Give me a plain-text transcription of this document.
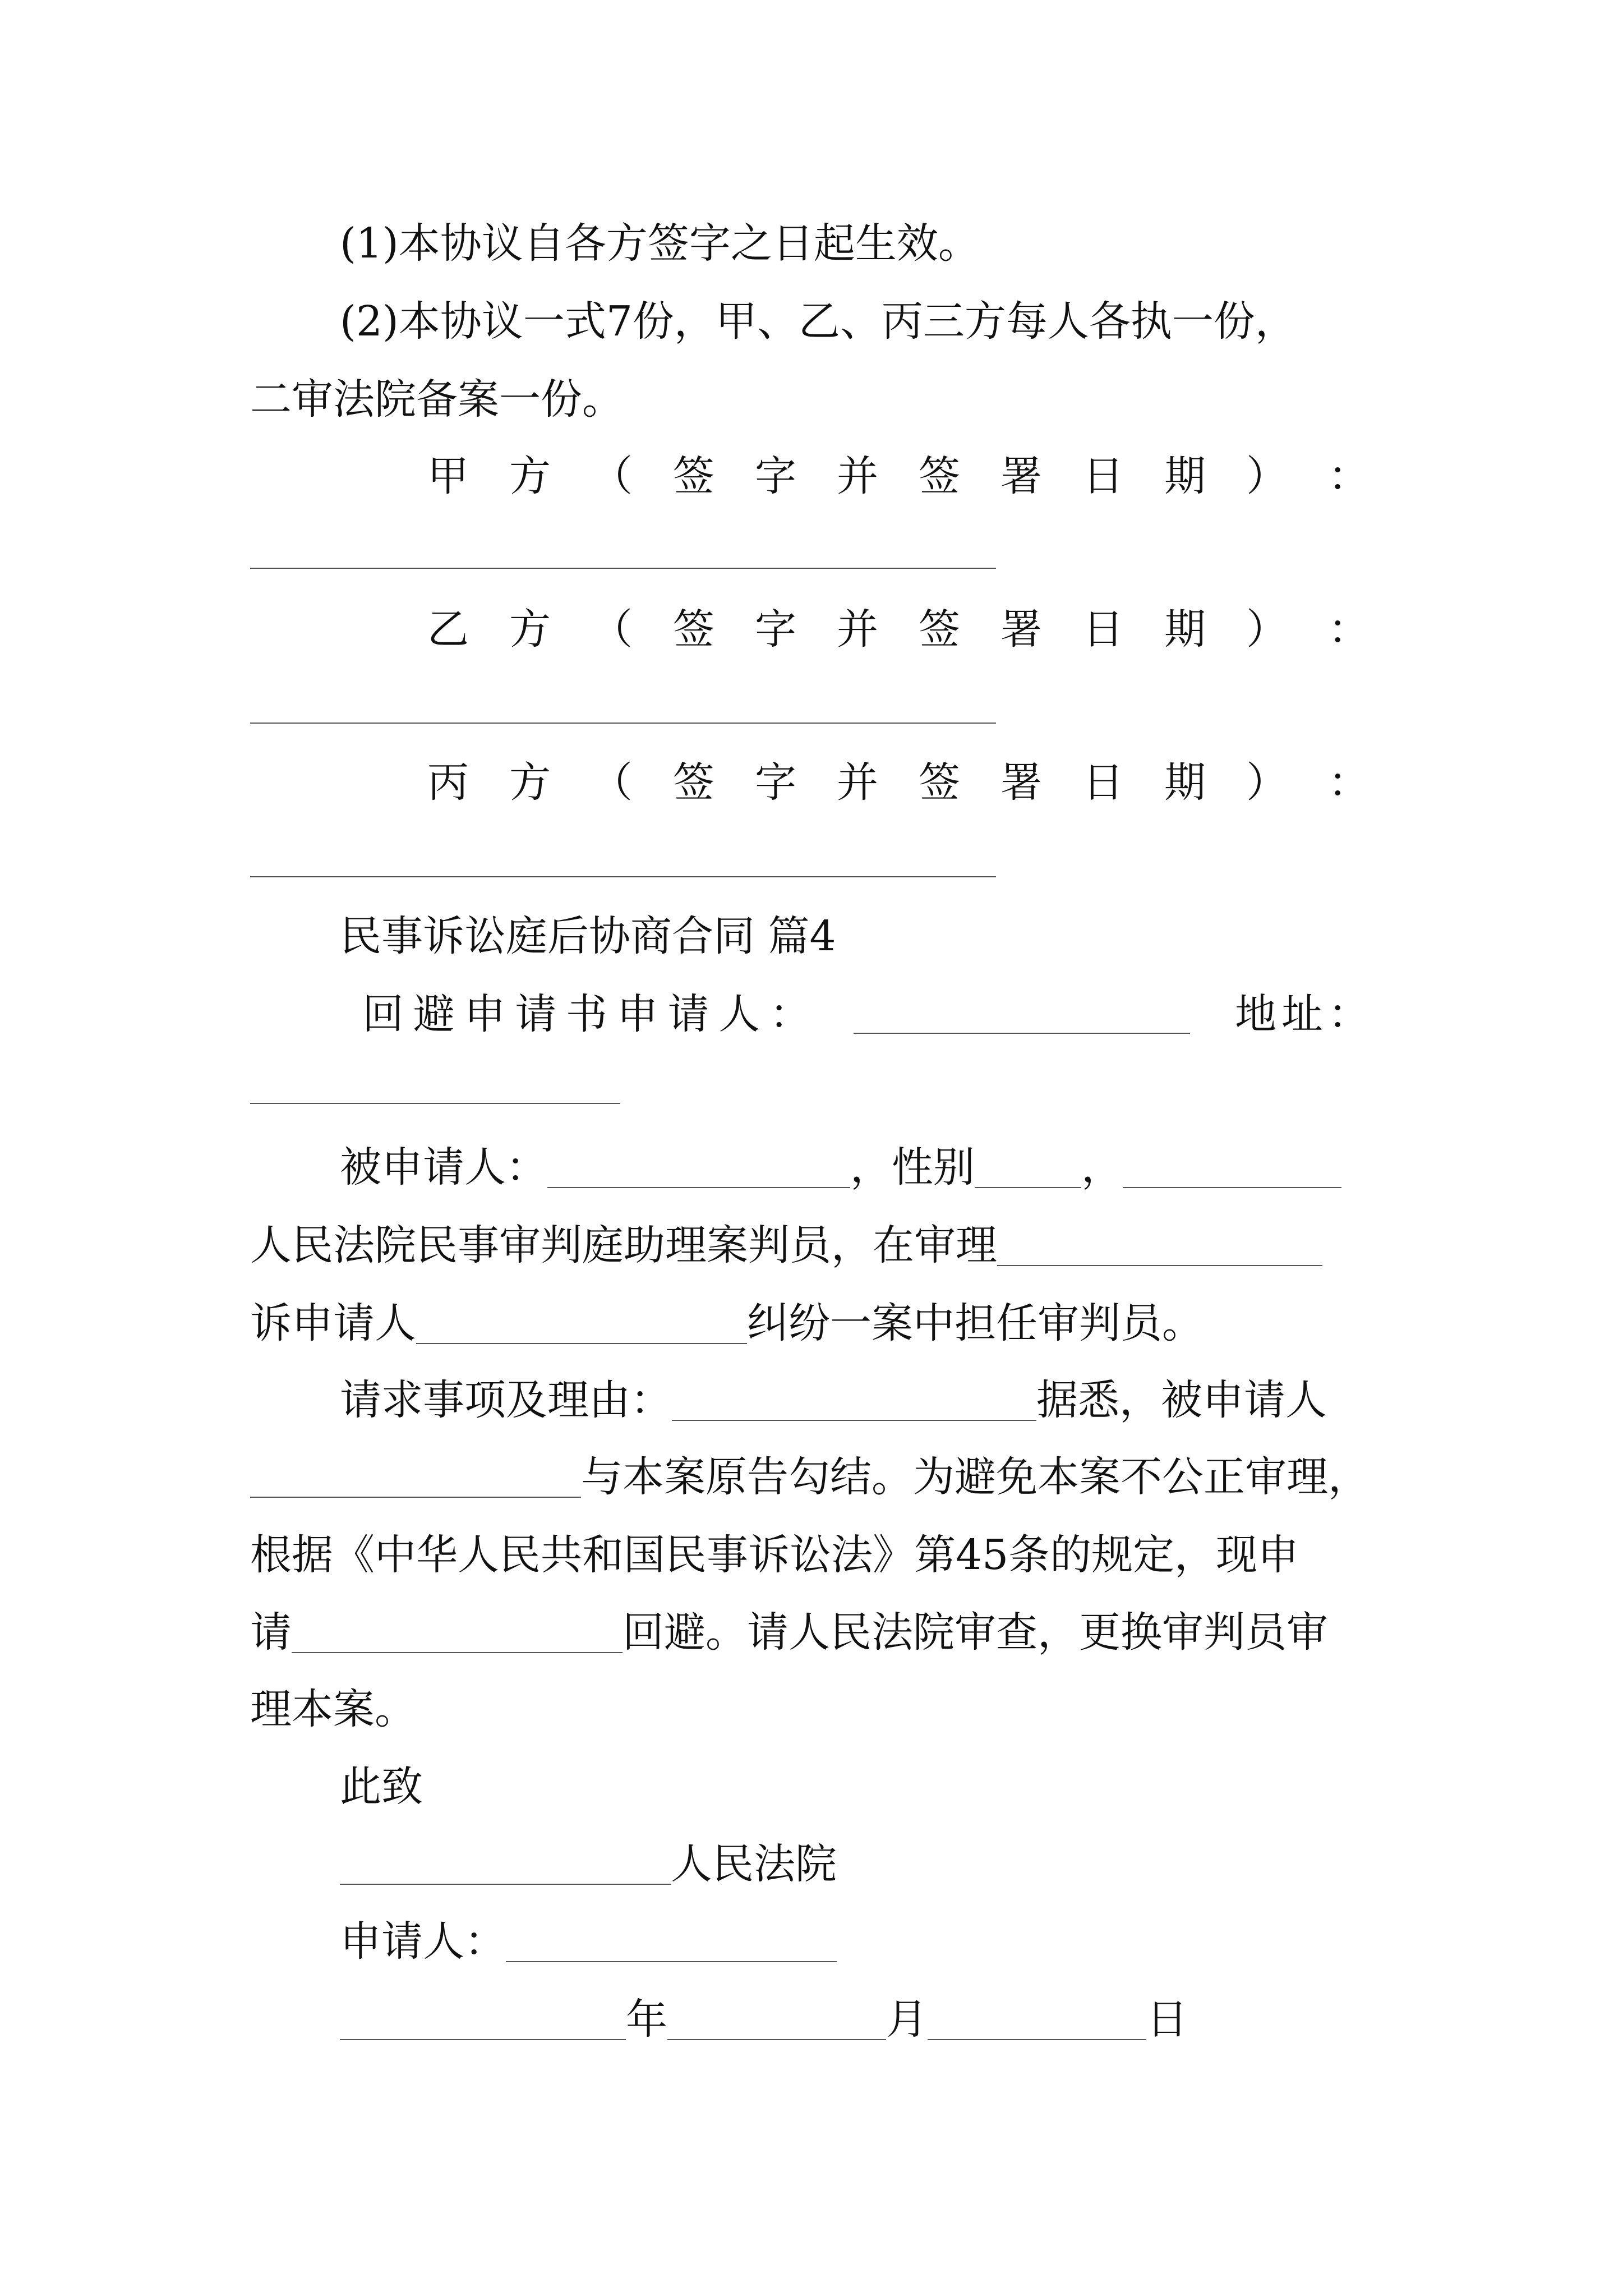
(1)本协议自各方签字之日起生效。
(2)本协议一式7份，甲、乙、丙三方每人各执一份，
二审法院备案一份。
甲 方 （ 签 字 并 签 署 日 期 ） ：
乙 方 （ 签 字 并 签 署 日 期 ） ：
丙 方 （ 签 字 并 签 署 日 期 ） ：
民事诉讼庭后协商合同 篇4
回 避 申 请 书 申 请 人 ：	地 址 ：
被申请人：	，性别	，
人民法院民事审判庭助理案判员，在审理
诉申请人	纠纷一案中担任审判员。
请求事项及理由：	据悉，被申请人
与本案原告勾结。为避免本案不公正审理，
根据《中华人民共和国民事诉讼法》第45条的规定，现申
请	回避。请人民法院审查，更换审判员审
理本案。
此致
人民法院
申请人：
年	月	日
